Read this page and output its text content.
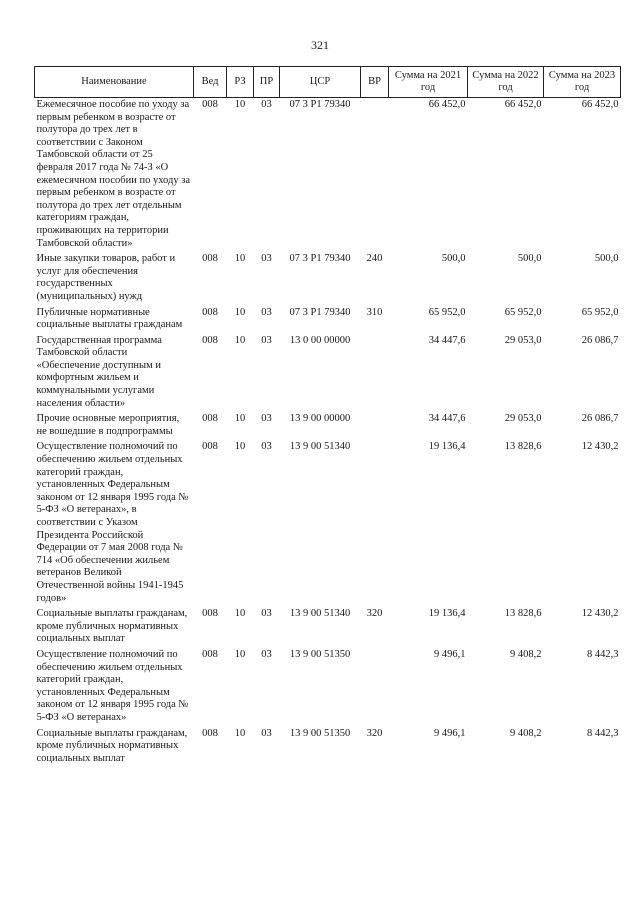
321
Наименование	Вед	РЗ	ПР	ЦСР	ВР	Сумма на 2021 год	Сумма на 2022 год	Сумма на 2023 год
Ежемесячное пособие по уходу за первым ребенком в возрасте от полутора до трех лет в соответствии с Законом Тамбовской области от 25 февраля 2017 года № 74-З «О ежемесячном пособии по уходу за первым ребенком в возрасте от полутора до трех лет отдельным категориям граждан, проживающих на территории Тамбовской области»	008	10	03	07 3 Р1 79340		66 452,0	66 452,0	66 452,0
Иные закупки товаров, работ и услуг для обеспечения государственных (муниципальных) нужд	008	10	03	07 3 Р1 79340	240	500,0	500,0	500,0
Публичные нормативные социальные выплаты гражданам	008	10	03	07 3 Р1 79340	310	65 952,0	65 952,0	65 952,0
Государственная программа Тамбовской области «Обеспечение доступным и комфортным жильем и коммунальными услугами населения области»	008	10	03	13 0 00 00000		34 447,6	29 053,0	26 086,7
Прочие основные мероприятия, не вошедшие в подпрограммы	008	10	03	13 9 00 00000		34 447,6	29 053,0	26 086,7
Осуществление полномочий по обеспечению жильем отдельных категорий граждан, установленных Федеральным законом от 12 января 1995 года № 5-ФЗ «О ветеранах», в соответствии с Указом Президента Российской Федерации от 7 мая 2008 года № 714 «Об обеспечении жильем ветеранов Великой Отечественной войны 1941-1945 годов»	008	10	03	13 9 00 51340		19 136,4	13 828,6	12 430,2
Социальные выплаты гражданам, кроме публичных нормативных социальных выплат	008	10	03	13 9 00 51340	320	19 136,4	13 828,6	12 430,2
Осуществление полномочий по обеспечению жильем отдельных категорий граждан, установленных Федеральным законом от 12 января 1995 года № 5-ФЗ «О ветеранах»	008	10	03	13 9 00 51350		9 496,1	9 408,2	8 442,3
Социальные выплаты гражданам, кроме публичных нормативных социальных выплат	008	10	03	13 9 00 51350	320	9 496,1	9 408,2	8 442,3
